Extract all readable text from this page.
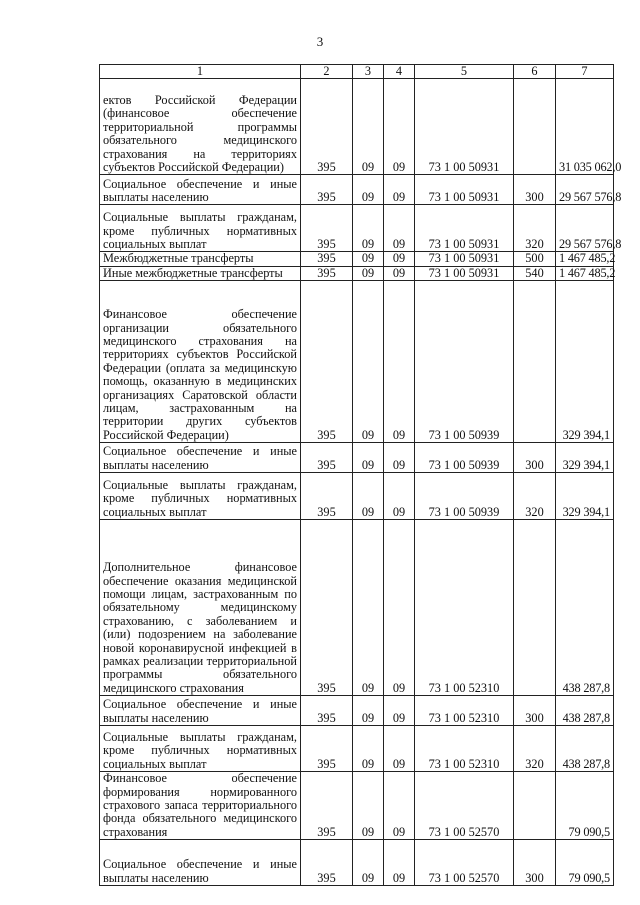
3
1	2	3	4	5	6	7
ектов Российской Федерации (финансовое обеспечение территориальной программы обязательного медицинского страхования на территориях субъектов Российской Федерации)	395	09	09	73 1 00 50931		31 035 062,0
Социальное обеспечение и иные выплаты населению	395	09	09	73 1 00 50931	300	29 567 576,8
Социальные выплаты гражданам, кроме публичных нормативных социальных выплат	395	09	09	73 1 00 50931	320	29 567 576,8
Межбюджетные трансферты	395	09	09	73 1 00 50931	500	1 467 485,2
Иные межбюджетные трансферты	395	09	09	73 1 00 50931	540	1 467 485,2
Финансовое обеспечение организации обязательного медицинского страхования на территориях субъектов Российской Федерации (оплата за медицинскую помощь, оказанную в медицинских организациях Саратовской области лицам, застрахованным на территории других субъектов Российской Федерации)	395	09	09	73 1 00 50939		329 394,1
Социальное обеспечение и иные выплаты населению	395	09	09	73 1 00 50939	300	329 394,1
Социальные выплаты гражданам, кроме публичных нормативных социальных выплат	395	09	09	73 1 00 50939	320	329 394,1
Дополнительное финансовое обеспечение оказания медицинской помощи лицам, застрахованным по обязательному медицинскому страхованию, с заболеванием и (или) подозрением на заболевание новой коронавирусной инфекцией в рамках реализации территориальной программы обязательного медицинского страхования	395	09	09	73 1 00 52310		438 287,8
Социальное обеспечение и иные выплаты населению	395	09	09	73 1 00 52310	300	438 287,8
Социальные выплаты гражданам, кроме публичных нормативных социальных выплат	395	09	09	73 1 00 52310	320	438 287,8
Финансовое обеспечение формирования нормированного страхового запаса территориального фонда обязательного медицинского страхования	395	09	09	73 1 00 52570		79 090,5
Социальное обеспечение и иные выплаты населению	395	09	09	73 1 00 52570	300	79 090,5
